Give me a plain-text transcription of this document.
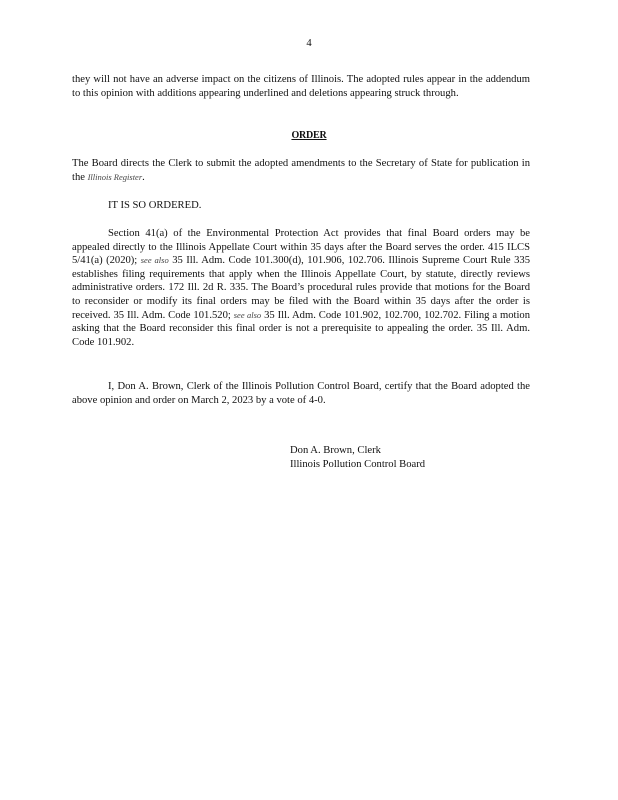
4
they will not have an adverse impact on the citizens of Illinois. The adopted rules appear in the addendum to this opinion with additions appearing underlined and deletions appearing struck through.
ORDER
The Board directs the Clerk to submit the adopted amendments to the Secretary of State for publication in the Illinois Register.
IT IS SO ORDERED.
Section 41(a) of the Environmental Protection Act provides that final Board orders may be appealed directly to the Illinois Appellate Court within 35 days after the Board serves the order. 415 ILCS 5/41(a) (2020); see also 35 Ill. Adm. Code 101.300(d), 101.906, 102.706. Illinois Supreme Court Rule 335 establishes filing requirements that apply when the Illinois Appellate Court, by statute, directly reviews administrative orders. 172 Ill. 2d R. 335. The Board’s procedural rules provide that motions for the Board to reconsider or modify its final orders may be filed with the Board within 35 days after the order is received. 35 Ill. Adm. Code 101.520; see also 35 Ill. Adm. Code 101.902, 102.700, 102.702. Filing a motion asking that the Board reconsider this final order is not a prerequisite to appealing the order. 35 Ill. Adm. Code 101.902.
I, Don A. Brown, Clerk of the Illinois Pollution Control Board, certify that the Board adopted the above opinion and order on March 2, 2023 by a vote of 4-0.
Don A. Brown, Clerk
Illinois Pollution Control Board
